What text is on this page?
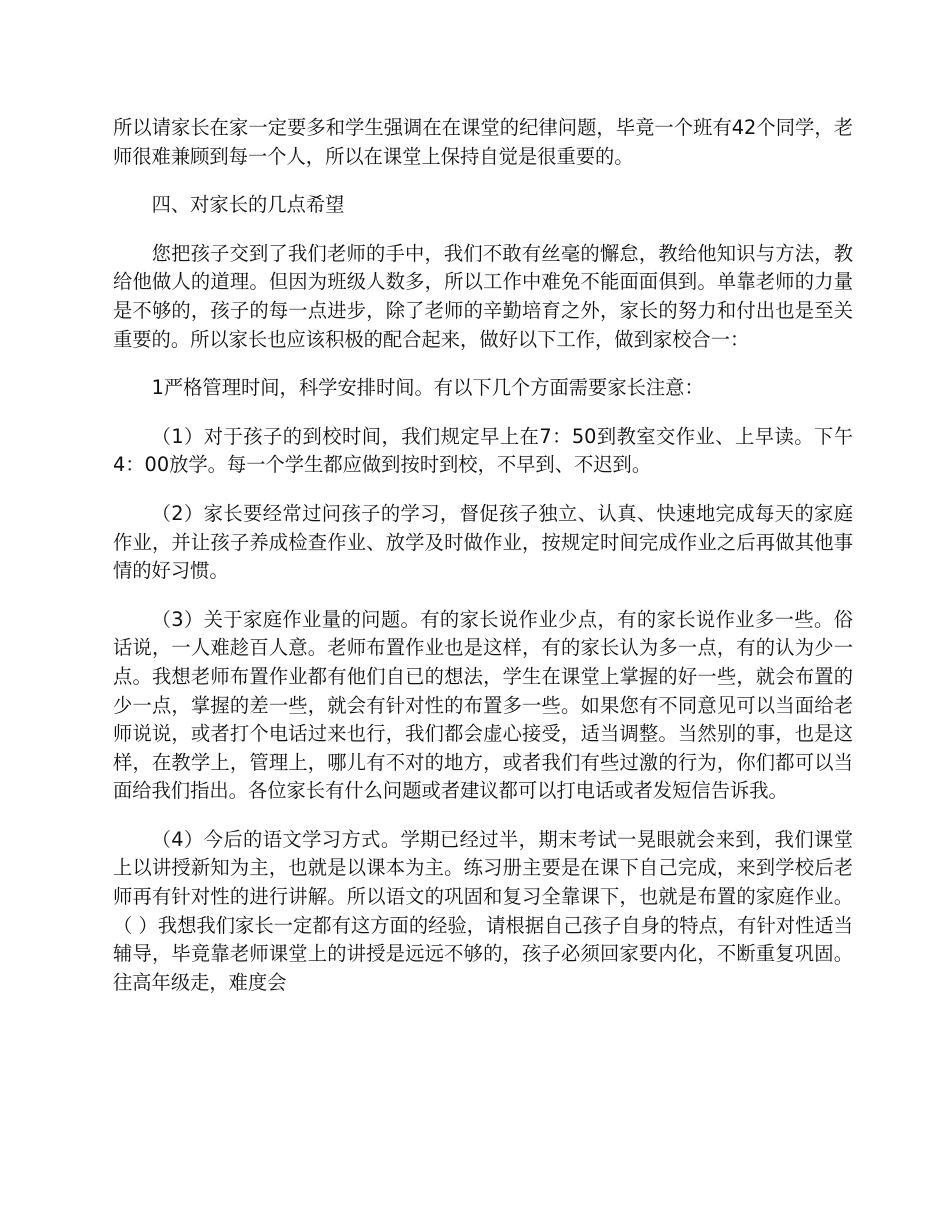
所以请家长在家一定要多和学生强调在在课堂的纪律问题，毕竟一个班有42个同学，老师很难兼顾到每一个人，所以在课堂上保持自觉是很重要的。

四、对家长的几点希望

您把孩子交到了我们老师的手中，我们不敢有丝毫的懈怠，教给他知识与方法，教给他做人的道理。但因为班级人数多，所以工作中难免不能面面俱到。单靠老师的力量是不够的，孩子的每一点进步，除了老师的辛勤培育之外，家长的努力和付出也是至关重要的。所以家长也应该积极的配合起来，做好以下工作，做到家校合一：

1严格管理时间，科学安排时间。有以下几个方面需要家长注意：

（1）对于孩子的到校时间，我们规定早上在7：50到教室交作业、上早读。下午4：00放学。每一个学生都应做到按时到校，不早到、不迟到。

（2）家长要经常过问孩子的学习，督促孩子独立、认真、快速地完成每天的家庭作业，并让孩子养成检查作业、放学及时做作业，按规定时间完成作业之后再做其他事情的好习惯。

（3）关于家庭作业量的问题。有的家长说作业少点，有的家长说作业多一些。俗话说，一人难趁百人意。老师布置作业也是这样，有的家长认为多一点，有的认为少一点。我想老师布置作业都有他们自已的想法，学生在课堂上掌握的好一些，就会布置的少一点，掌握的差一些，就会有针对性的布置多一些。如果您有不同意见可以当面给老师说说，或者打个电话过来也行，我们都会虚心接受，适当调整。当然别的事，也是这样，在教学上，管理上，哪儿有不对的地方，或者我们有些过激的行为，你们都可以当面给我们指出。各位家长有什么问题或者建议都可以打电话或者发短信告诉我。

（4）今后的语文学习方式。学期已经过半，期末考试一晃眼就会来到，我们课堂上以讲授新知为主，也就是以课本为主。练习册主要是在课下自己完成，来到学校后老师再有针对性的进行讲解。所以语文的巩固和复习全靠课下，也就是布置的家庭作业。（ ）我想我们家长一定都有这方面的经验，请根据自己孩子自身的特点，有针对性适当辅导，毕竟靠老师课堂上的讲授是远远不够的，孩子必须回家要内化，不断重复巩固。往高年级走，难度会
